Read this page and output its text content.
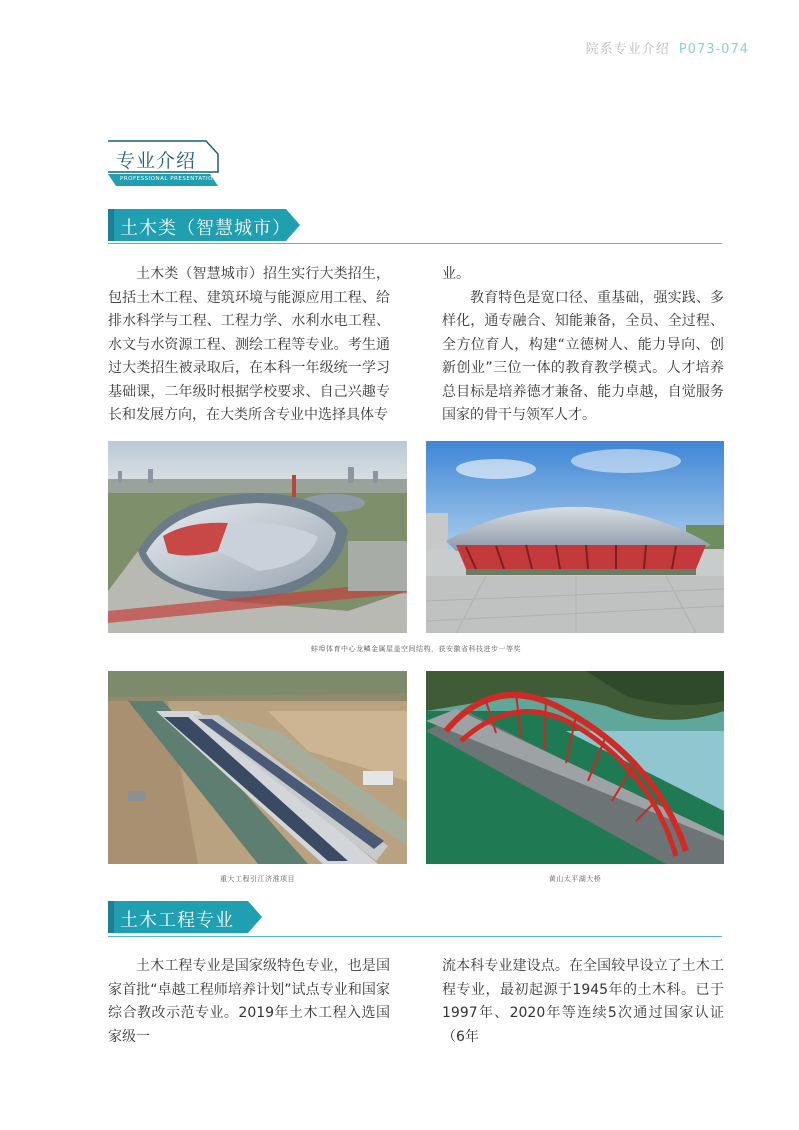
院系专业介绍 P073-074
专业介绍
PROFESSIONAL PRESENTATION
土木类（智慧城市）

土木类（智慧城市）招生实行大类招生，包括土木工程、建筑环境与能源应用工程、给排水科学与工程、工程力学、水利水电工程、水文与水资源工程、测绘工程等专业。考生通过大类招生被录取后，在本科一年级统一学习基础课，二年级时根据学校要求、自己兴趣专长和发展方向，在大类所含专业中选择具体专

业。

教育特色是宽口径、重基础，强实践、多样化，通专融合、知能兼备，全员、全过程、全方位育人，构建“立德树人、能力导向、创新创业”三位一体的教育教学模式。人才培养总目标是培养德才兼备、能力卓越，自觉服务国家的骨干与领军人才。

蚌埠体育中心龙鳞金属屋盖空间结构，获安徽省科技进步一等奖
重大工程引江济淮项目	黄山太平湖大桥
土木工程专业

土木工程专业是国家级特色专业，也是国家首批“卓越工程师培养计划”试点专业和国家综合教改示范专业。2019年土木工程入选国家级一

流本科专业建设点。在全国较早设立了土木工程专业，最初起源于1945年的土木科。已于1997年、2020年等连续5次通过国家认证（6年
